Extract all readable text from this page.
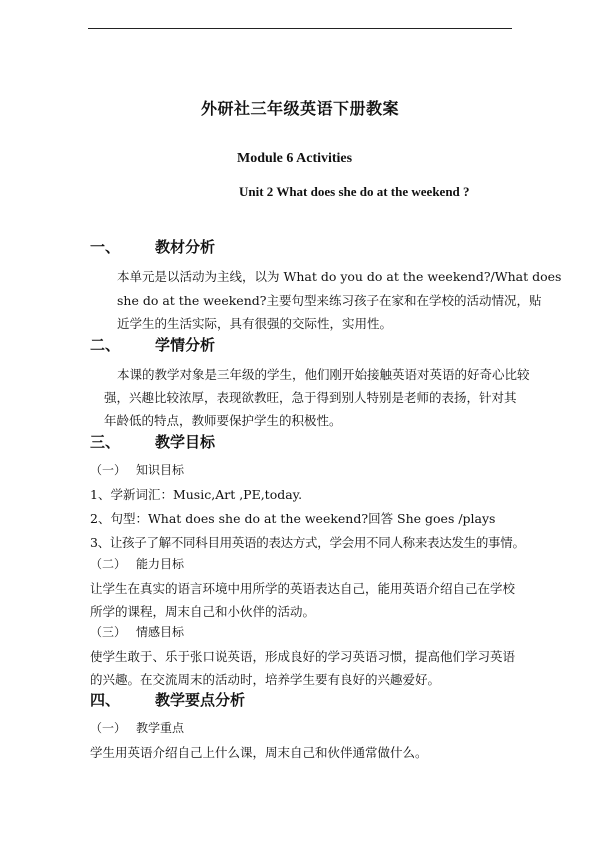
外研社三年级英语下册教案
Module 6 Activities
Unit 2 What does she do at the weekend ?
一、 教材分析
本单元是以活动为主线，以为 What do you do at the weekend?/What does
she do at the weekend?主要句型来练习孩子在家和在学校的活动情况，贴
近学生的生活实际，具有很强的交际性，实用性。
二、 学情分析
本课的教学对象是三年级的学生，他们刚开始接触英语对英语的好奇心比较
强，兴趣比较浓厚，表现欲教旺，急于得到别人特别是老师的表扬，针对其
年龄低的特点，教师要保护学生的积极性。
三、 教学目标
（一） 知识目标
1、学新词汇：Music,Art ,PE,today.
2、句型：What does she do at the weekend?回答 She goes /plays
3、让孩子了解不同科目用英语的表达方式，学会用不同人称来表达发生的事情。
（二） 能力目标
让学生在真实的语言环境中用所学的英语表达自己，能用英语介绍自己在学校
所学的课程，周末自己和小伙伴的活动。
（三） 情感目标
使学生敢于、乐于张口说英语，形成良好的学习英语习惯，提高他们学习英语
的兴趣。在交流周末的活动时，培养学生要有良好的兴趣爱好。
四、 教学要点分析
（一） 教学重点
学生用英语介绍自己上什么课，周末自己和伙伴通常做什么。
